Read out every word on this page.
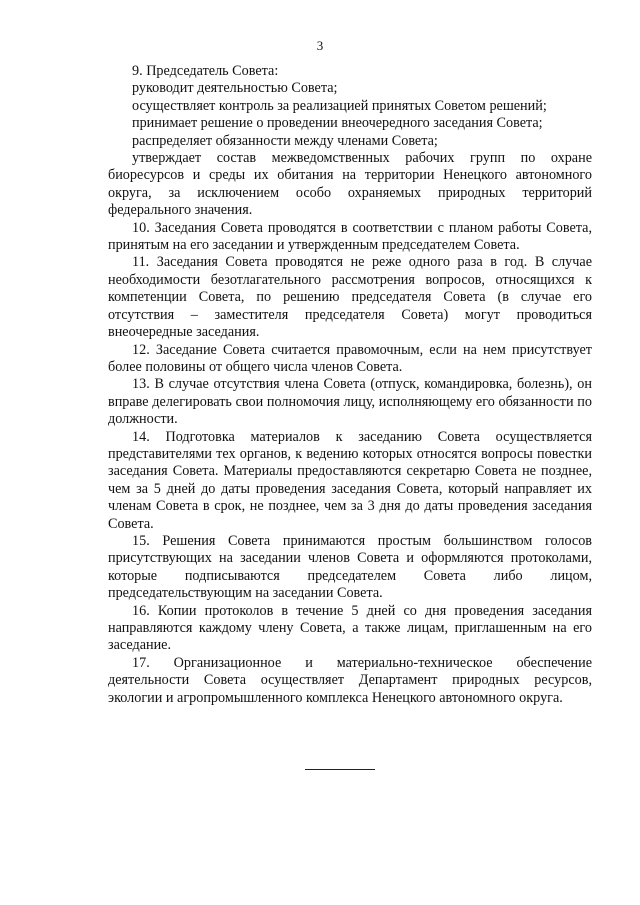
3

9. Председатель Совета:

руководит деятельностью Совета;

осуществляет контроль за реализацией принятых Советом решений;

принимает решение о проведении внеочередного заседания Совета;

распределяет обязанности между членами Совета;

утверждает состав межведомственных рабочих групп по охране биоресурсов и среды их обитания на территории Ненецкого автономного округа, за исключением особо охраняемых природных территорий федерального значения.

10. Заседания Совета проводятся в соответствии с планом работы Совета, принятым на его заседании и утвержденным председателем Совета.

11. Заседания Совета проводятся не реже одного раза в год. В случае необходимости безотлагательного рассмотрения вопросов, относящихся к компетенции Совета, по решению председателя Совета (в случае его отсутствия – заместителя председателя Совета) могут проводиться внеочередные заседания.

12. Заседание Совета считается правомочным, если на нем присутствует более половины от общего числа членов Совета.

13. В случае отсутствия члена Совета (отпуск, командировка, болезнь), он вправе делегировать свои полномочия лицу, исполняющему его обязанности по должности.

14. Подготовка материалов к заседанию Совета осуществляется представителями тех органов, к ведению которых относятся вопросы повестки заседания Совета. Материалы предоставляются секретарю Совета не позднее, чем за 5 дней до даты проведения заседания Совета, который направляет их членам Совета в срок, не позднее, чем за 3 дня до даты проведения заседания Совета.

15. Решения Совета принимаются простым большинством голосов присутствующих на заседании членов Совета и оформляются протоколами, которые подписываются председателем Совета либо лицом, председательствующим на заседании Совета.

16. Копии протоколов в течение 5 дней со дня проведения заседания направляются каждому члену Совета, а также лицам, приглашенным на его заседание.

17. Организационное и материально-техническое обеспечение деятельности Совета осуществляет Департамент природных ресурсов, экологии и агропромышленного комплекса Ненецкого автономного округа.
